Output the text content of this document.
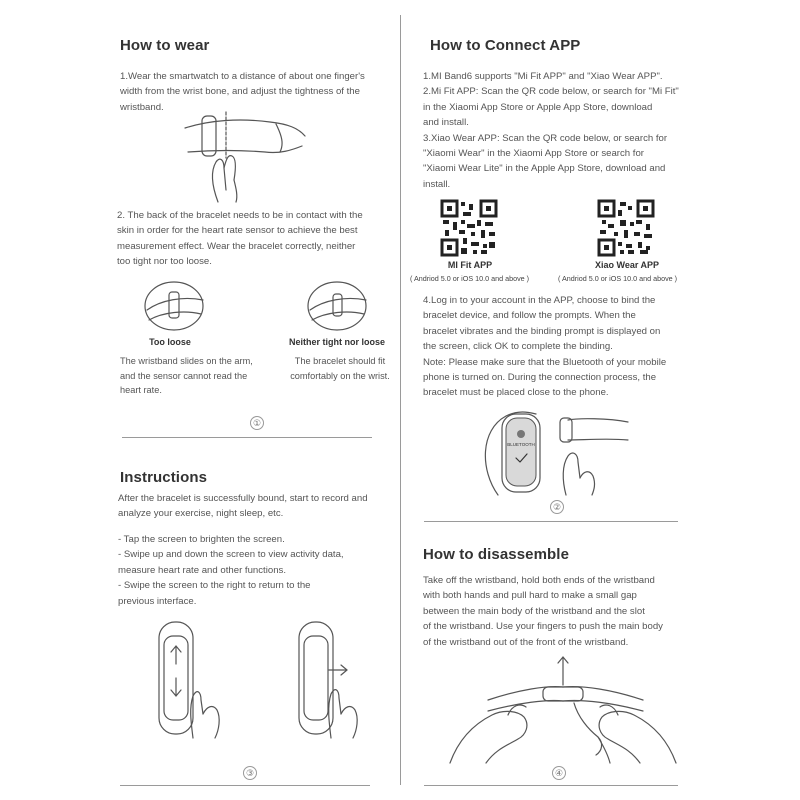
How to wear
1.Wear the smartwatch to a distance of about one finger's
width from the wrist bone, and adjust the tightness of the
wristband.
2. The back of the bracelet needs to be in contact with the
skin in order for the heart rate sensor to achieve the best
measurement effect. Wear the bracelet correctly, neither
too tight nor too loose.
Too loose
The wristband slides on the arm,
and the sensor cannot read the
heart rate.
Neither tight nor loose
The bracelet should fit
comfortably on the wrist.
①
Instructions
After the bracelet is successfully bound, start to record and
analyze your exercise, night sleep, etc.
- Tap the screen to brighten the screen.
- Swipe up and down the screen to view activity data,
measure heart rate and other functions.
- Swipe the screen to the right to return to the
previous interface.
③
How to Connect APP
1.MI Band6 supports "Mi Fit APP" and "Xiao Wear APP".
2.Mi Fit APP: Scan the QR code below, or search for "Mi Fit"
in the Xiaomi App Store or Apple App Store, download
and install.
3.Xiao Wear APP: Scan the QR code below, or search for
"Xiaomi Wear" in the Xiaomi App Store or search for
"Xiaomi Wear Lite" in the Apple App Store, download and
install.
MI Fit APP
( Andriod 5.0 or iOS 10.0 and above )
Xiao Wear APP
( Andriod 5.0 or iOS 10.0 and above )
4.Log in to your account in the APP, choose to bind the
bracelet device, and follow the prompts. When the
bracelet vibrates and the binding prompt is displayed on
the screen, click OK to complete the binding.
Note: Please make sure that the Bluetooth of your mobile
phone is turned on. During the connection process, the
bracelet must be placed close to the phone.
BLUETOOTH
②
How to disassemble
Take off the wristband, hold both ends of the wristband
with both hands and pull hard to make a small gap
between the main body of the wristband and the slot
of the wristband. Use your fingers to push the main body
of the wristband out of the front of the wristband.
④
